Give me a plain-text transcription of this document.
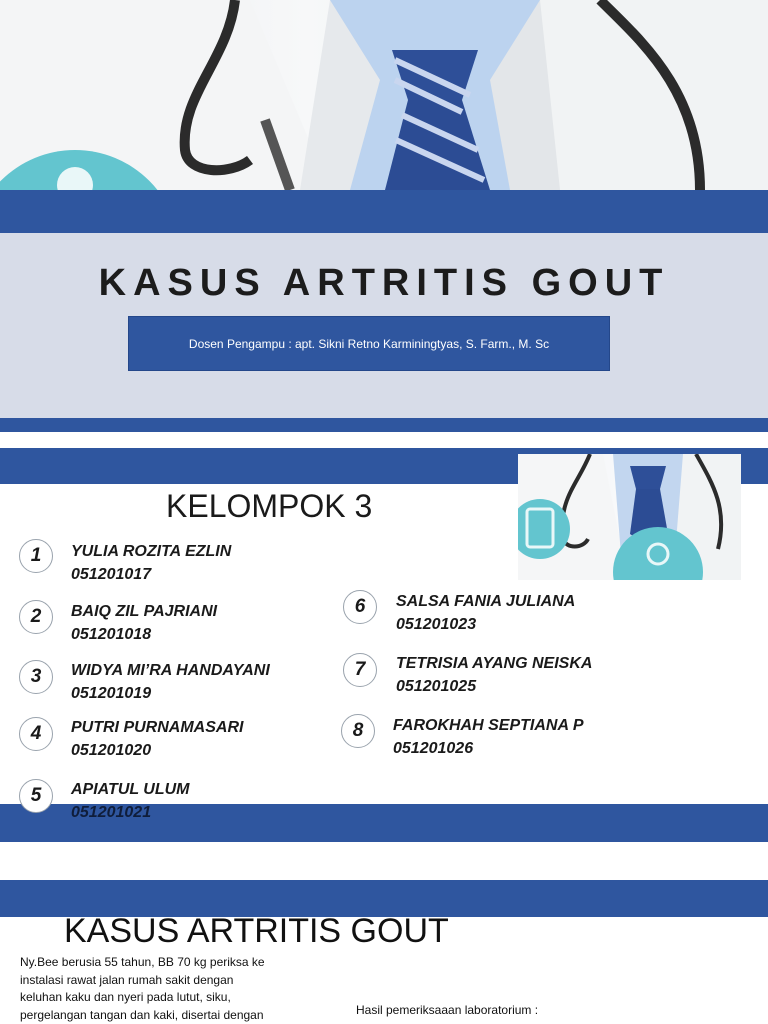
KASUS ARTRITIS GOUT
Dosen Pengampu : apt. Sikni Retno Karminingtyas, S. Farm., M. Sc
KELOMPOK 3
1	YULIA ROZITA EZLIN
051201017
2	BAIQ ZIL PAJRIANI
051201018
3	WIDYA MI’RA HANDAYANI
051201019
4	PUTRI PURNAMASARI
051201020
5	APIATUL ULUM
051201021
6	SALSA FANIA JULIANA
051201023
7	TETRISIA AYANG NEISKA
051201025
8	FAROKHAH SEPTIANA P
051201026
KASUS ARTRITIS GOUT
Ny.Bee berusia 55 tahun, BB 70 kg periksa ke
instalasi rawat jalan rumah sakit dengan
keluhan kaku dan nyeri pada lutut, siku,
pergelangan tangan dan kaki, disertai dengan	Hasil pemeriksaaan laboratorium :
